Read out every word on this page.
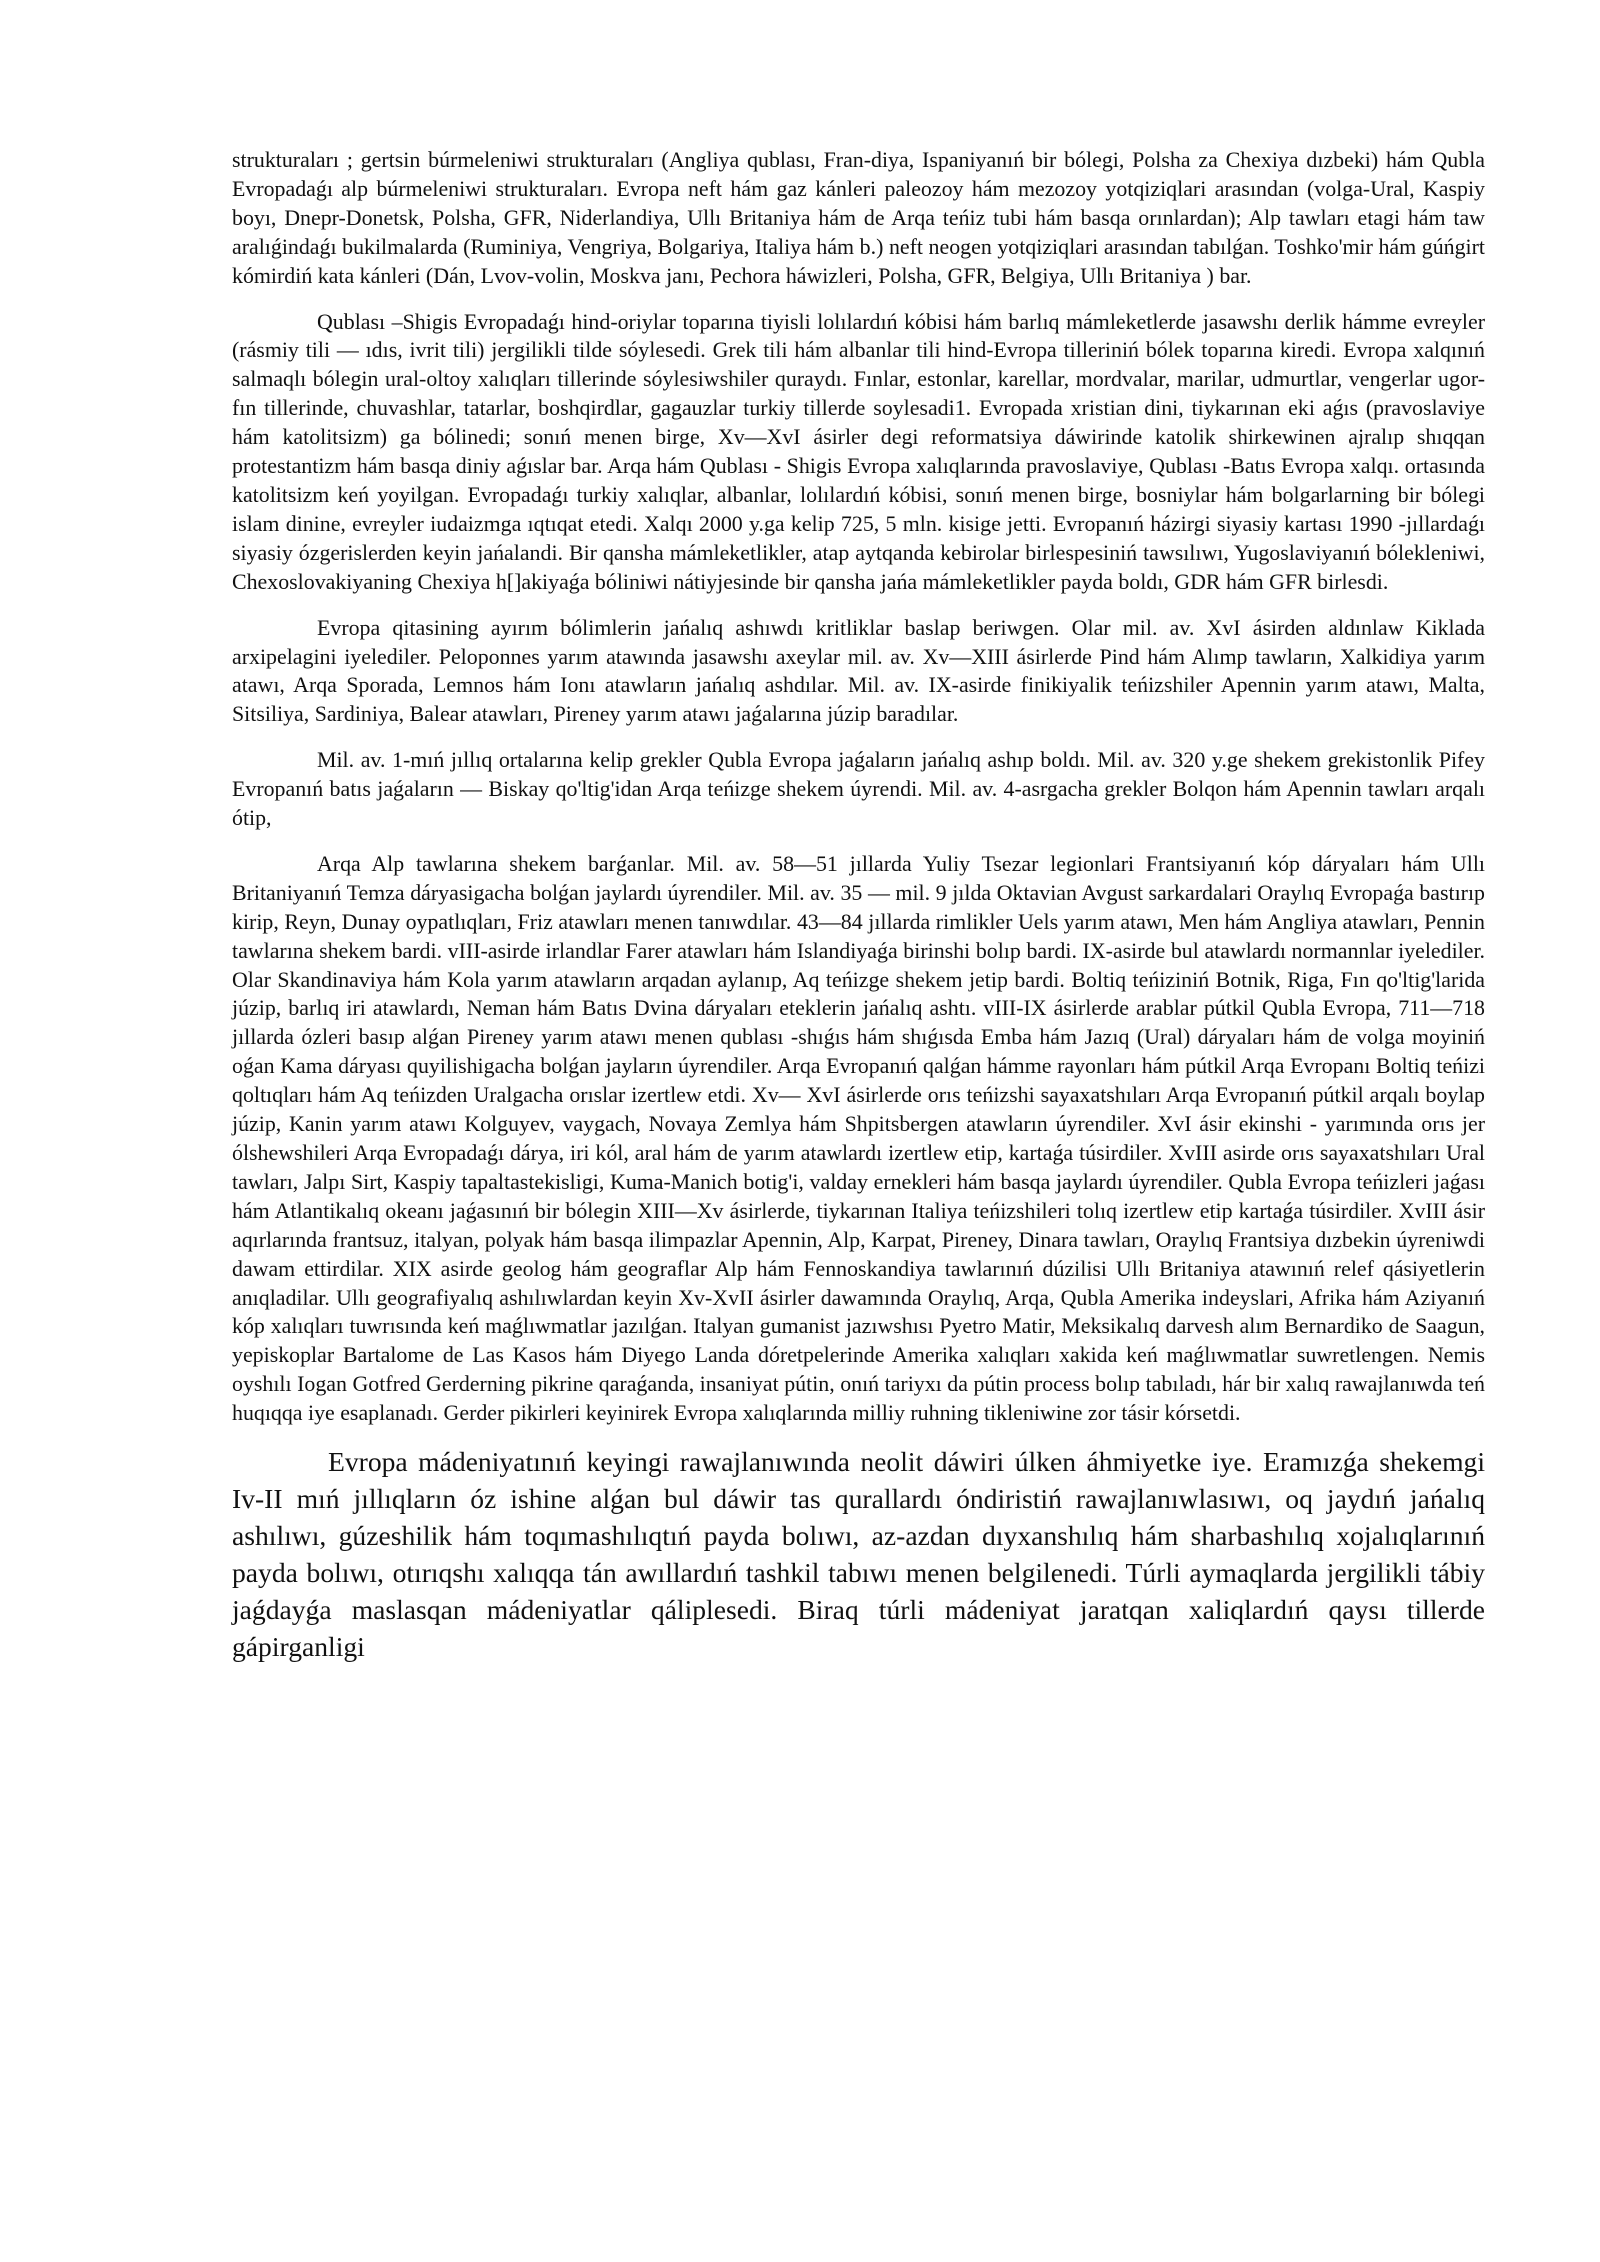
strukturaları ; gertsin búrmeleniwi strukturaları (Angliya qublası, Fran-diya, Ispaniyanıń bir bólegi, Polsha za Chexiya dızbeki) hám Qubla Evropadaǵı alp búrmeleniwi strukturaları. Evropa neft hám gaz kánleri paleozoy hám mezozoy yotqiziqlari arasından (volga-Ural, Kaspiy boyı, Dnepr-Donetsk, Polsha, GFR, Niderlandiya, Ullı Britaniya hám de Arqa teńiz tubi hám basqa orınlardan); Alp tawları etagi hám taw aralıǵindaǵı bukilmalarda (Ruminiya, Vengriya, Bolgariya, Italiya hám b.) neft neogen yotqiziqlari arasından tabılǵan. Toshko'mir hám gúńgirt kómirdiń kata kánleri (Dán, Lvov-volin, Moskva janı, Pechora háwizleri, Polsha, GFR, Belgiya, Ullı Britaniya ) bar.

Qublası –Shigis Evropadaǵı hind-oriylar toparına tiyisli lolılardıń kóbisi hám barlıq mámleketlerde jasawshı derlik hámme evreyler (rásmiy tili — ıdıs, ivrit tili) jergilikli tilde sóylesedi. Grek tili hám albanlar tili hind-Evropa tilleriniń bólek toparına kiredi. Evropa xalqınıń salmaqlı bólegin ural-oltoy xalıqları tillerinde sóylesiwshiler quraydı. Fınlar, estonlar, karellar, mordvalar, marilar, udmurtlar, vengerlar ugor-fın tillerinde, chuvashlar, tatarlar, boshqirdlar, gagauzlar turkiy tillerde soylesadi1. Evropada xristian dini, tiykarınan eki aǵıs (pravoslaviye hám katolitsizm) ga bólinedi; sonıń menen birge, Xv—XvI ásirler degi reformatsiya dáwirinde katolik shirkewinen ajralıp shıqqan protestantizm hám basqa diniy aǵıslar bar. Arqa hám Qublası - Shigis Evropa xalıqlarında pravoslaviye, Qublası -Batıs Evropa xalqı. ortasında katolitsizm keń yoyilgan. Evropadaǵı turkiy xalıqlar, albanlar, lolılardıń kóbisi, sonıń menen birge, bosniylar hám bolgarlarning bir bólegi islam dinine, evreyler iudaizmga ıqtıqat etedi. Xalqı 2000 y.ga kelip 725, 5 mln. kisige jetti. Evropanıń házirgi siyasiy kartası 1990 -jıllardaǵı siyasiy ózgerislerden keyin jańalandi. Bir qansha mámleketlikler, atap aytqanda kebirolar birlespesiniń tawsılıwı, Yugoslaviyanıń bólekleniwi, Chexoslovakiyaning Chexiya h[]akiyaǵa bóliniwi nátiyjesinde bir qansha jańa mámleketlikler payda boldı, GDR hám GFR birlesdi.

Evropa qitasining ayırım bólimlerin jańalıq ashıwdı kritliklar baslap beriwgen. Olar mil. av. XvI ásirden aldınlaw Kiklada arxipelagini iyelediler. Peloponnes yarım atawında jasawshı axeylar mil. av. Xv—XIII ásirlerde Pind hám Alımp tawların, Xalkidiya yarım atawı, Arqa Sporada, Lemnos hám Ionı atawların jańalıq ashdılar. Mil. av. IX-asirde finikiyalik teńizshiler Apennin yarım atawı, Malta, Sitsiliya, Sardiniya, Balear atawları, Pireney yarım atawı jaǵalarına júzip baradılar.

Mil. av. 1-mıń jıllıq ortalarına kelip grekler Qubla Evropa jaǵaların jańalıq ashıp boldı. Mil. av. 320 y.ge shekem grekistonlik Pifey Evropanıń batıs jaǵaların — Biskay qo'ltig'idan Arqa teńizge shekem úyrendi. Mil. av. 4-asrgacha grekler Bolqon hám Apennin tawları arqalı ótip,

Arqa Alp tawlarına shekem barǵanlar. Mil. av. 58—51 jıllarda Yuliy Tsezar legionlari Frantsiyanıń kóp dáryaları hám Ullı Britaniyanıń Temza dáryasigacha bolǵan jaylardı úyrendiler. Mil. av. 35 — mil. 9 jılda Oktavian Avgust sarkardalari Oraylıq Evropaǵa bastırıp kirip, Reyn, Dunay oypatlıqları, Friz atawları menen tanıwdılar. 43—84 jıllarda rimlikler Uels yarım atawı, Men hám Angliya atawları, Pennin tawlarına shekem bardi. vIII-asirde irlandlar Farer atawları hám Islandiyaǵa birinshi bolıp bardi. IX-asirde bul atawlardı normannlar iyelediler. Olar Skandinaviya hám Kola yarım atawların arqadan aylanıp, Aq teńizge shekem jetip bardi. Boltiq teńiziniń Botnik, Riga, Fın qo'ltig'larida júzip, barlıq iri atawlardı, Neman hám Batıs Dvina dáryaları eteklerin jańalıq ashtı. vIII-IX ásirlerde arablar pútkil Qubla Evropa, 711—718 jıllarda ózleri basıp alǵan Pireney yarım atawı menen qublası -shıǵıs hám shıǵısda Emba hám Jazıq (Ural) dáryaları hám de volga moyiniń oǵan Kama dáryası quyilishigacha bolǵan jayların úyrendiler. Arqa Evropanıń qalǵan hámme rayonları hám pútkil Arqa Evropanı Boltiq teńizi qoltıqları hám Aq teńizden Uralgacha orıslar izertlew etdi. Xv— XvI ásirlerde orıs teńizshi sayaxatshıları Arqa Evropanıń pútkil arqalı boylap júzip, Kanin yarım atawı Kolguyev, vaygach, Novaya Zemlya hám Shpitsbergen atawların úyrendiler. XvI ásir ekinshi - yarımında orıs jer ólshewshileri Arqa Evropadaǵı dárya, iri kól, aral hám de yarım atawlardı izertlew etip, kartaǵa túsirdiler. XvIII asirde orıs sayaxatshıları Ural tawları, Jalpı Sirt, Kaspiy tapaltastekisligi, Kuma-Manich botig'i, valday ernekleri hám basqa jaylardı úyrendiler. Qubla Evropa teńizleri jaǵası hám Atlantikalıq okeanı jaǵasınıń bir bólegin XIII—Xv ásirlerde, tiykarınan Italiya teńizshileri tolıq izertlew etip kartaǵa túsirdiler. XvIII ásir aqırlarında frantsuz, italyan, polyak hám basqa ilimpazlar Apennin, Alp, Karpat, Pireney, Dinara tawları, Oraylıq Frantsiya dızbekin úyreniwdi dawam ettirdilar. XIX asirde geolog hám geograflar Alp hám Fennoskandiya tawlarınıń dúzilisi Ullı Britaniya atawınıń relef qásiyetlerin anıqladilar. Ullı geografiyalıq ashılıwlardan keyin Xv-XvII ásirler dawamında Oraylıq, Arqa, Qubla Amerika indeyslari, Afrika hám Aziyanıń kóp xalıqları tuwrısında keń maǵlıwmatlar jazılǵan. Italyan gumanist jazıwshısı Pyetro Matir, Meksikalıq darvesh alım Bernardiko de Saagun, yepiskoplar Bartalome de Las Kasos hám Diyego Landa dóretpelerinde Amerika xalıqları xakida keń maǵlıwmatlar suwretlengen. Nemis oyshılı Iogan Gotfred Gerderning pikrine qaraǵanda, insaniyat pútin, onıń tariyxı da pútin process bolıp tabıladı, hár bir xalıq rawajlanıwda teń huqıqqa iye esaplanadı. Gerder pikirleri keyinirek Evropa xalıqlarında milliy ruhning tikleniwine zor tásir kórsetdi.

Evropa mádeniyatınıń keyingi rawajlanıwında neolit dáwiri úlken áhmiyetke iye. Eramızǵa shekemgi Iv-II mıń jıllıqların óz ishine alǵan bul dáwir tas qurallardı óndiristiń rawajlanıwlasıwı, oq jaydıń jańalıq ashılıwı, gúzeshilik hám toqımashılıqtıń payda bolıwı, az-azdan dıyxanshılıq hám sharbashılıq xojalıqlarınıń payda bolıwı, otırıqshı xalıqqa tán awıllardıń tashkil tabıwı menen belgilenedi. Túrli aymaqlarda jergilikli tábiy jaǵdayǵa maslasqan mádeniyatlar qáliplesedi. Biraq túrli mádeniyat jaratqan xaliqlardıń qaysı tillerde gápirganligi
